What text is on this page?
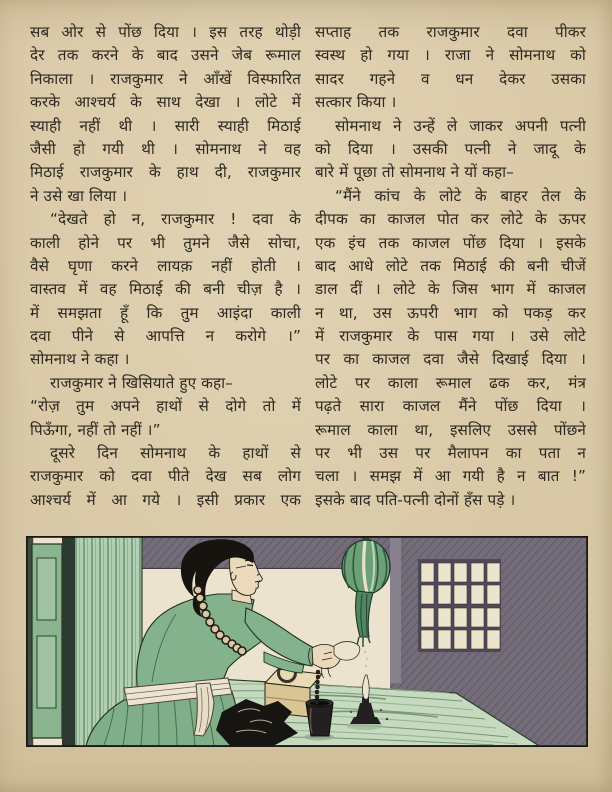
सब ओर से पोंछ दिया । इस तरह थोड़ी
देर तक करने के बाद उसने जेब रूमाल
निकाला । राजकुमार ने आँखें विस्फारित
करके आश्चर्य के साथ देखा । लोटे में
स्याही नहीं थी । सारी स्याही मिठाई
जैसी हो गयी थी । सोमनाथ ने वह
मिठाई राजकुमार के हाथ दी, राजकुमार
ने उसे खा लिया ।
“देखते हो न, राजकुमार ! दवा के
काली होने पर भी तुमने जैसे सोचा,
वैसे घृणा करने लायक़ नहीं होती ।
वास्तव में वह मिठाई की बनी चीज़ है ।
में समझता हूँ कि तुम आइंदा काली
दवा पीने से आपत्ति न करोगे ।”
सोमनाथ ने कहा ।
राजकुमार ने खिसियाते हुए कहा–
“रोज़ तुम अपने हाथों से दोगे तो में
पिऊँगा, नहीं तो नहीं ।”
दूसरे दिन सोमनाथ के हाथों से
राजकुमार को दवा पीते देख सब लोग
आश्चर्य में आ गये । इसी प्रकार एक
सप्ताह तक राजकुमार दवा पीकर
स्वस्थ हो गया । राजा ने सोमनाथ को
सादर गहने व धन देकर उसका
सत्कार किया ।
सोमनाथ ने उन्हें ले जाकर अपनी पत्नी
को दिया । उसकी पत्नी ने जादू के
बारे में पूछा तो सोमनाथ ने यों कहा–
“मैंने कांच के लोटे के बाहर तेल के
दीपक का काजल पोत कर लोटे के ऊपर
एक इंच तक काजल पोंछ दिया । इसके
बाद आधे लोटे तक मिठाई की बनी चीजें
डाल दीं । लोटे के जिस भाग में काजल
न था, उस ऊपरी भाग को पकड़ कर
में राजकुमार के पास गया । उसे लोटे
पर का काजल दवा जैसे दिखाई दिया ।
लोटे पर काला रूमाल ढक कर, मंत्र
पढ़ते सारा काजल मैंने पोंछ दिया ।
रूमाल काला था, इसलिए उससे पोंछने
पर भी उस पर मैलापन का पता न
चला । समझ में आ गयी है न बात !”
इसके बाद पति-पत्नी दोनों हँस पड़े ।
